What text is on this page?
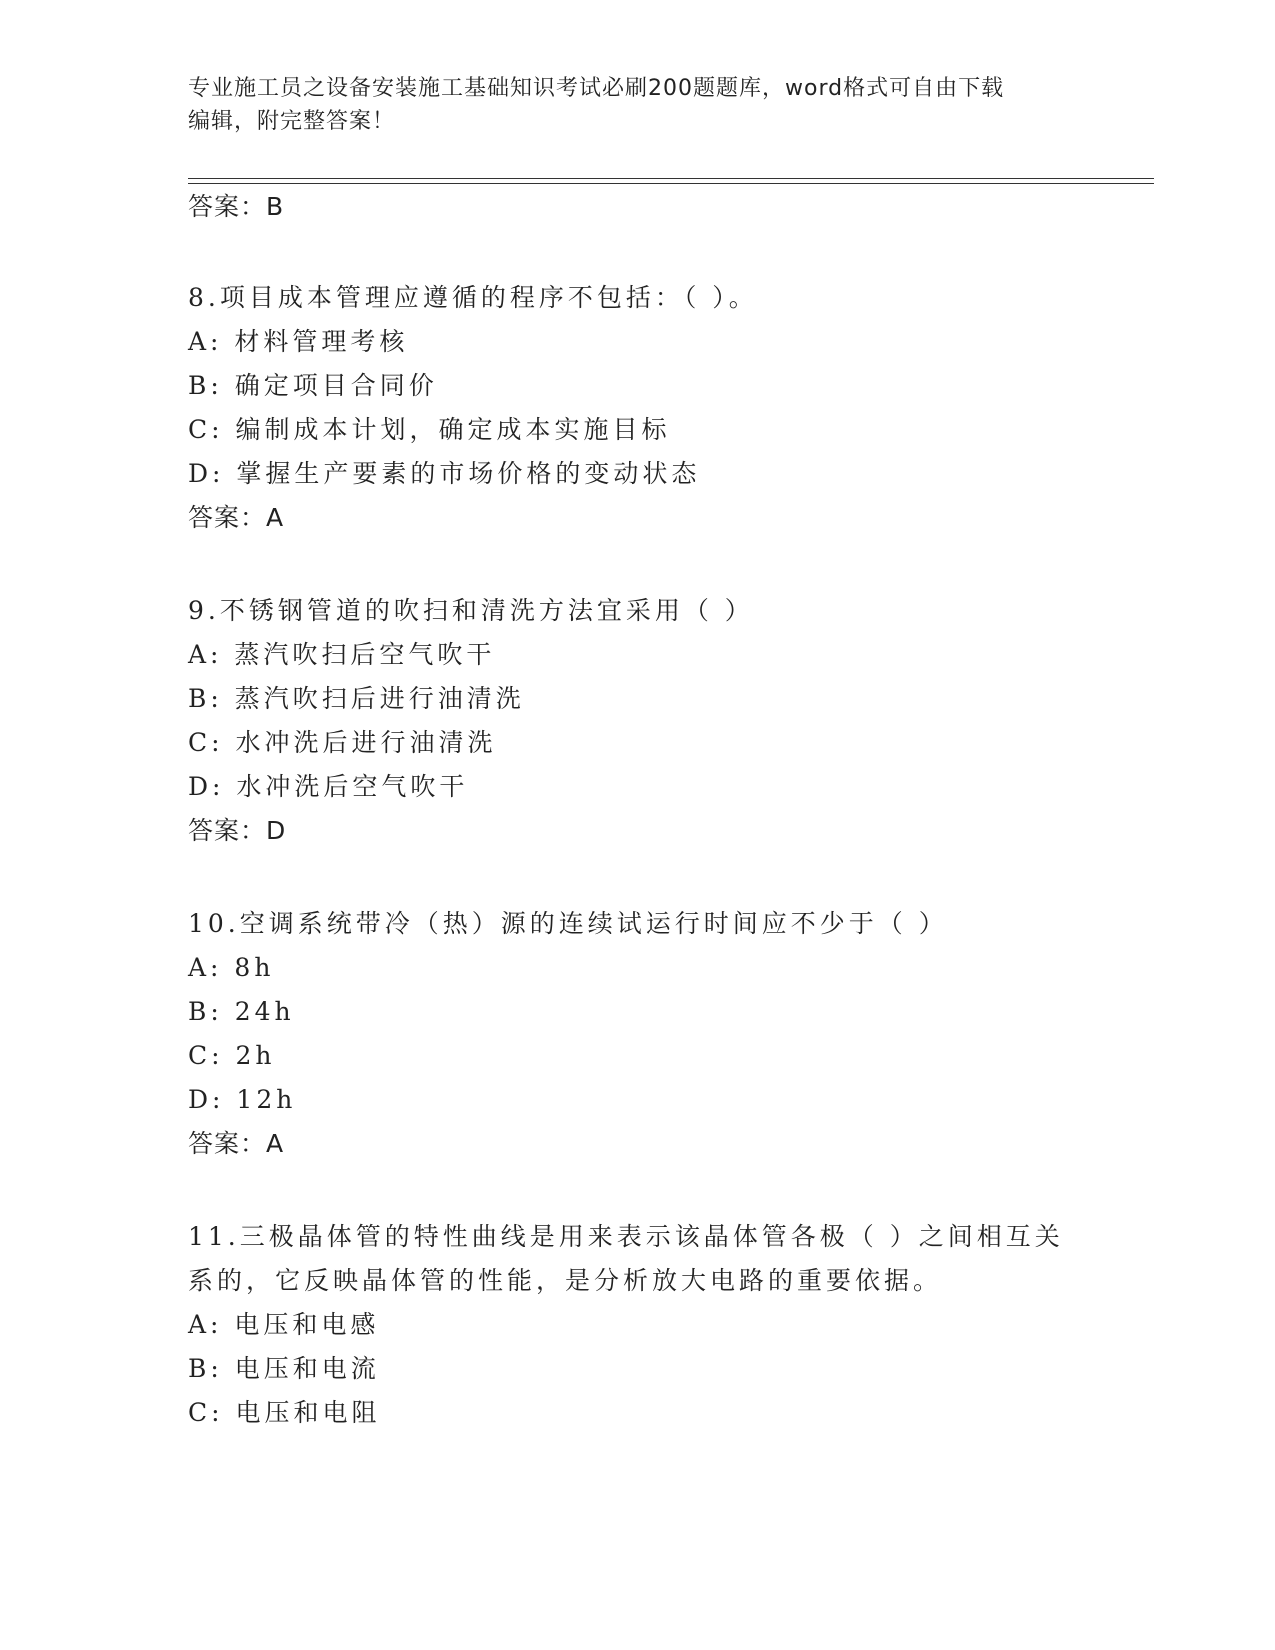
专业施工员之设备安装施工基础知识考试必刷200题题库，word格式可自由下载
编辑，附完整答案！
答案：B
8.项目成本管理应遵循的程序不包括：（ ）。
A: 材料管理考核
B: 确定项目合同价
C: 编制成本计划，确定成本实施目标
D: 掌握生产要素的市场价格的变动状态
答案：A
9.不锈钢管道的吹扫和清洗方法宜采用（ ）
A: 蒸汽吹扫后空气吹干
B: 蒸汽吹扫后进行油清洗
C: 水冲洗后进行油清洗
D: 水冲洗后空气吹干
答案：D
10.空调系统带冷（热）源的连续试运行时间应不少于（ ）
A: 8h
B: 24h
C: 2h
D: 12h
答案：A
11.三极晶体管的特性曲线是用来表示该晶体管各极（ ）之间相互关
系的，它反映晶体管的性能，是分析放大电路的重要依据。
A: 电压和电感
B: 电压和电流
C: 电压和电阻
